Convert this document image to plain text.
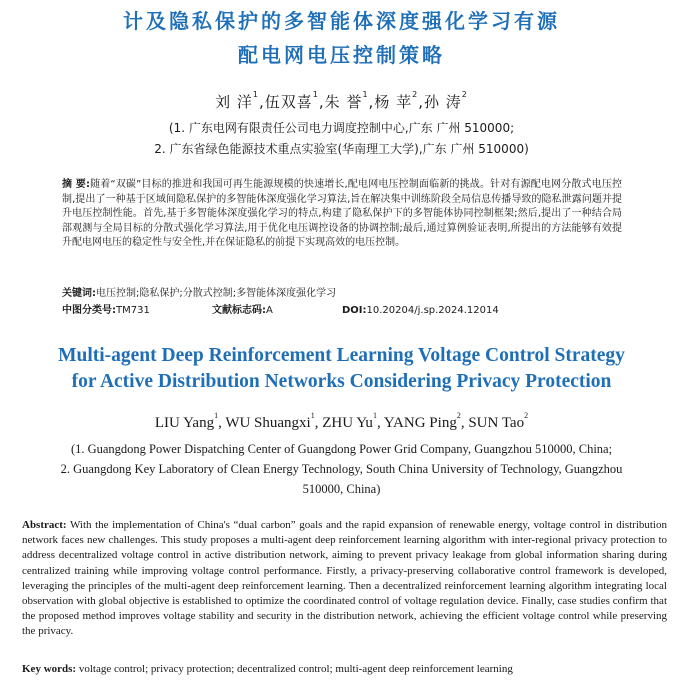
计及隐私保护的多智能体深度强化学习有源
配电网电压控制策略
刘 洋$^1$,伍双喜$^1$,朱 誉$^1$,杨 苹$^2$,孙 涛$^2$
(1. 广东电网有限责任公司电力调度控制中心,广东 广州 510000;
2. 广东省绿色能源技术重点实验室(华南理工大学),广东 广州 510000)
摘 要:随着“双碳”目标的推进和我国可再生能源规模的快速增长,配电网电压控制面临新的挑战。针对有源配电网分散式电压控制,提出了一种基于区域间隐私保护的多智能体深度强化学习算法,旨在解决集中训练阶段全局信息传播导致的隐私泄露问题并提升电压控制性能。首先,基于多智能体深度强化学习的特点,构建了隐私保护下的多智能体协同控制框架;然后,提出了一种结合局部观测与全局目标的分散式强化学习算法,用于优化电压调控设备的协调控制;最后,通过算例验证表明,所提出的方法能够有效提升配电网电压的稳定性与安全性,并在保证隐私的前提下实现高效的电压控制。
关键词:电压控制;隐私保护;分散式控制;多智能体深度强化学习
中图分类号:TM731	文献标志码:A	DOI:10.20204/j.sp.2024.12014
Multi-agent Deep Reinforcement Learning Voltage Control Strategy
for Active Distribution Networks Considering Privacy Protection
LIU Yang$^1$, WU Shuangxi$^1$, ZHU Yu$^1$, YANG Ping$^2$, SUN Tao$^2$
(1. Guangdong Power Dispatching Center of Guangdong Power Grid Company, Guangzhou 510000, China;
2. Guangdong Key Laboratory of Clean Energy Technology, South China University of Technology, Guangzhou
510000, China)
Abstract: With the implementation of China's “dual carbon” goals and the rapid expansion of renewable energy, voltage control in distribution network faces new challenges. This study proposes a multi-agent deep reinforcement learning algorithm with inter-regional privacy protection to address decentralized voltage control in active distribution network, aiming to prevent privacy leakage from global information sharing during centralized training while improving voltage control performance. Firstly, a privacy-preserving collaborative control framework is developed, leveraging the principles of the multi-agent deep reinforcement learning. Then a decentralized reinforcement learning algorithm integrating local observation with global objective is established to optimize the coordinated control of voltage regulation device. Finally, case studies confirm that the proposed method improves voltage stability and security in the distribution network, achieving the efficient voltage control while preserving the privacy.
Key words: voltage control; privacy protection; decentralized control; multi-agent deep reinforcement learning
